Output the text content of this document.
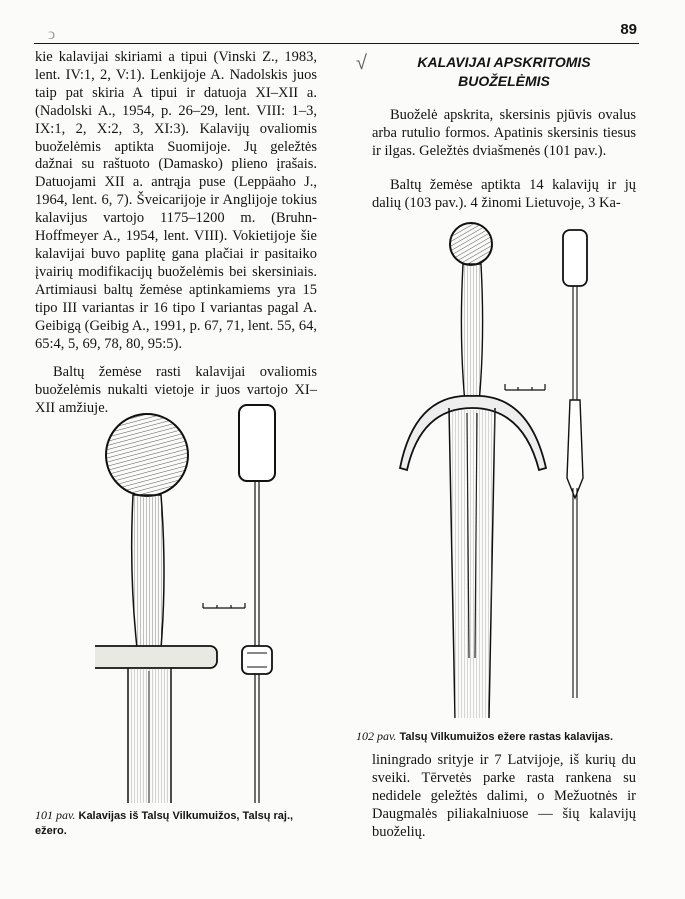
ↄ	89
√

kie kalavijai skiriami a tipui (Vinski Z., 1983, lent. IV:1, 2, V:1). Lenkijoje A. Nadolskis juos taip pat skiria A tipui ir datuoja XI–XII a. (Nadolski A., 1954, p. 26–29, lent. VIII: 1–3, IX:1, 2, X:2, 3, XI:3). Kalavijų ovaliomis buoželėmis aptikta Suomijoje. Jų geležtės dažnai su raštuoto (Damasko) plieno įrašais. Datuojami XII a. antrąja puse (Leppäaho J., 1964, lent. 6, 7). Šveicarijoje ir Anglijoje tokius kalavijus vartojo 1175–1200 m. (Bruhn-Hoffmeyer A., 1954, lent. VIII). Vokietijoje šie kalavijai buvo paplitę gana plačiai ir pasitaiko įvairių modifikacijų buoželėmis bei skersiniais. Artimiausi baltų žemėse aptinkamiems yra 15 tipo III variantas ir 16 tipo I variantas pagal A. Geibigą (Geibig A., 1991, p. 67, 71, lent. 55, 64, 65:4, 5, 69, 78, 80, 95:5).

Baltų žemėse rasti kalavijai ovaliomis buoželėmis nukalti vietoje ir juos vartojo XI–XII amžiuje.

KALAVIJAI APSKRITOMIS
BUOŽELĖMIS

Buoželė apskrita, skersinis pjūvis ovalus arba rutulio formos. Apatinis skersinis tiesus ir ilgas. Geležtės dviašmenės (101 pav.).

Baltų žemėse aptikta 14 kalavijų ir jų dalių (103 pav.). 4 žinomi Lietuvoje, 3 Ka-

liningrado srityje ir 7 Latvijoje, iš kurių du sveiki. Tērvetės parke rasta rankena su nedidele geležtės dalimi, o Mežuotnės ir Daugmalės piliakalniuose — šių kalavijų buoželių.

101 pav. Kalavijas iš Talsų Vilkumuižos, Talsų raj., ežero.

102 pav. Talsų Vilkumuižos ežere rastas kalavijas.
